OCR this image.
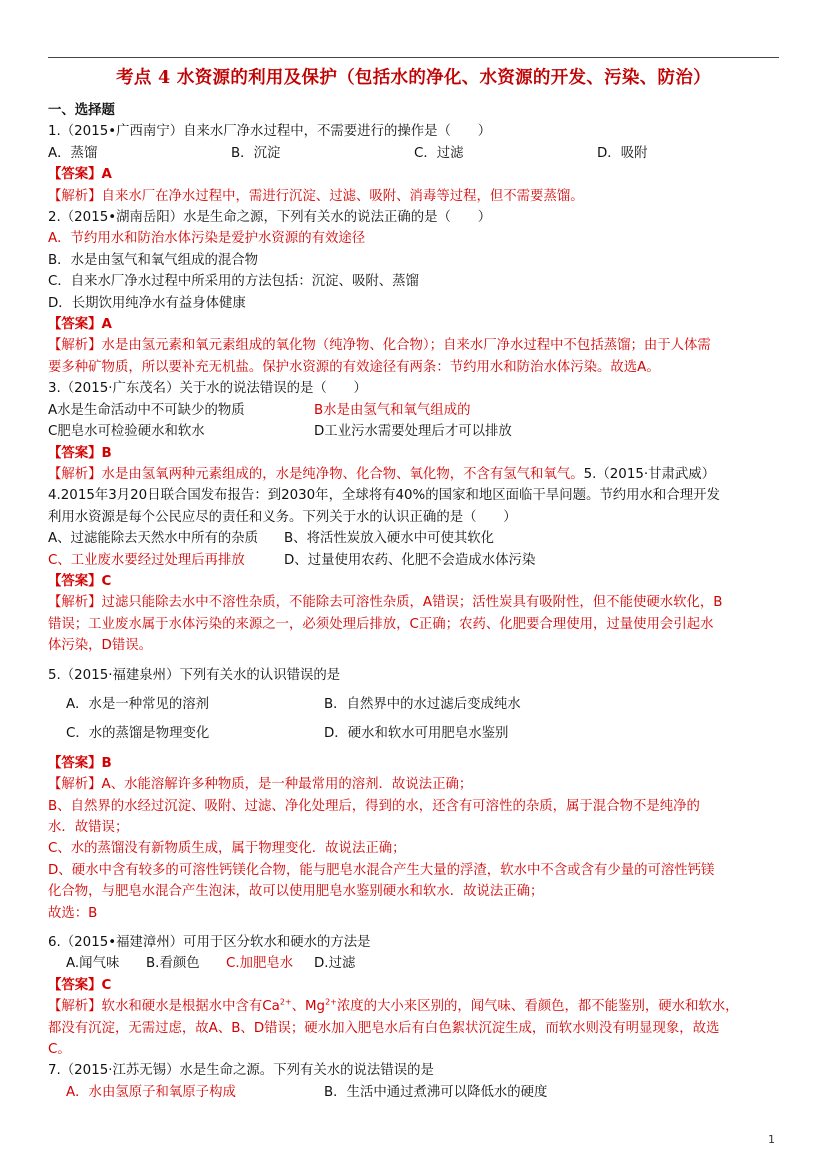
考点 4 水资源的利用及保护（包括水的净化、水资源的开发、污染、防治）
一、选择题
1.（2015•广西南宁）自来水厂净水过程中，不需要进行的操作是（　　）
A．蒸馏	B．沉淀	C．过滤	D．吸附
【答案】A
【解析】自来水厂在净水过程中，需进行沉淀、过滤、吸附、消毒等过程，但不需要蒸馏。
2.（2015•湖南岳阳）水是生命之源，下列有关水的说法正确的是（　　）
A．节约用水和防治水体污染是爱护水资源的有效途径
B．水是由氢气和氧气组成的混合物
C．自来水厂净水过程中所采用的方法包括：沉淀、吸附、蒸馏
D．长期饮用纯净水有益身体健康
【答案】A
【解析】水是由氢元素和氧元素组成的氧化物（纯净物、化合物）；自来水厂净水过程中不包括蒸馏；由于人体需
要多种矿物质，所以要补充无机盐。保护水资源的有效途径有两条：节约用水和防治水体污染。故选A。
3.（2015·广东茂名）关于水的说法错误的是（　　）
A水是生命活动中不可缺少的物质	B水是由氢气和氧气组成的
C肥皂水可检验硬水和软水	D工业污水需要处理后才可以排放
【答案】B
【解析】水是由氢氧两种元素组成的，水是纯净物、化合物、氧化物，不含有氢气和氧气。5.（2015·甘肃武威）
4.2015年3月20日联合国发布报告：到2030年，全球将有40%的国家和地区面临干旱问题。节约用水和合理开发
利用水资源是每个公民应尽的责任和义务。下列关于水的认识正确的是（　　）
A、过滤能除去天然水中所有的杂质	B、将活性炭放入硬水中可使其软化
C、工业废水要经过处理后再排放	D、过量使用农药、化肥不会造成水体污染
【答案】C
【解析】过滤只能除去水中不溶性杂质，不能除去可溶性杂质，A错误；活性炭具有吸附性，但不能使硬水软化，B
错误；工业废水属于水体污染的来源之一，必须处理后排放，C正确；农药、化肥要合理使用，过量使用会引起水
体污染，D错误。
5.（2015·福建泉州）下列有关水的认识错误的是
A．水是一种常见的溶剂	B．自然界中的水过滤后变成纯水
C．水的蒸馏是物理变化	D．硬水和软水可用肥皂水鉴别
【答案】B
【解析】A、水能溶解许多种物质，是一种最常用的溶剂．故说法正确；
B、自然界的水经过沉淀、吸附、过滤、净化处理后，得到的水，还含有可溶性的杂质，属于混合物不是纯净的
水．故错误；
C、水的蒸馏没有新物质生成，属于物理变化．故说法正确；
D、硬水中含有较多的可溶性钙镁化合物，能与肥皂水混合产生大量的浮渣，软水中不含或含有少量的可溶性钙镁
化合物，与肥皂水混合产生泡沫，故可以使用肥皂水鉴别硬水和软水．故说法正确；
故选：B
6.（2015•福建漳州）可用于区分软水和硬水的方法是
A.闻气味	B.看颜色	C.加肥皂水	D.过滤
【答案】C
【解析】软水和硬水是根据水中含有$Ca^{2+}$、$Mg^{2+}$浓度的大小来区别的，闻气味、看颜色，都不能鉴别，硬水和软水，
都没有沉淀，无需过虑，故A、B、D错误；硬水加入肥皂水后有白色絮状沉淀生成，而软水则没有明显现象，故选
C。
7.（2015·江苏无锡）水是生命之源。下列有关水的说法错误的是
A．水由氢原子和氧原子构成	B．生活中通过煮沸可以降低水的硬度
1
